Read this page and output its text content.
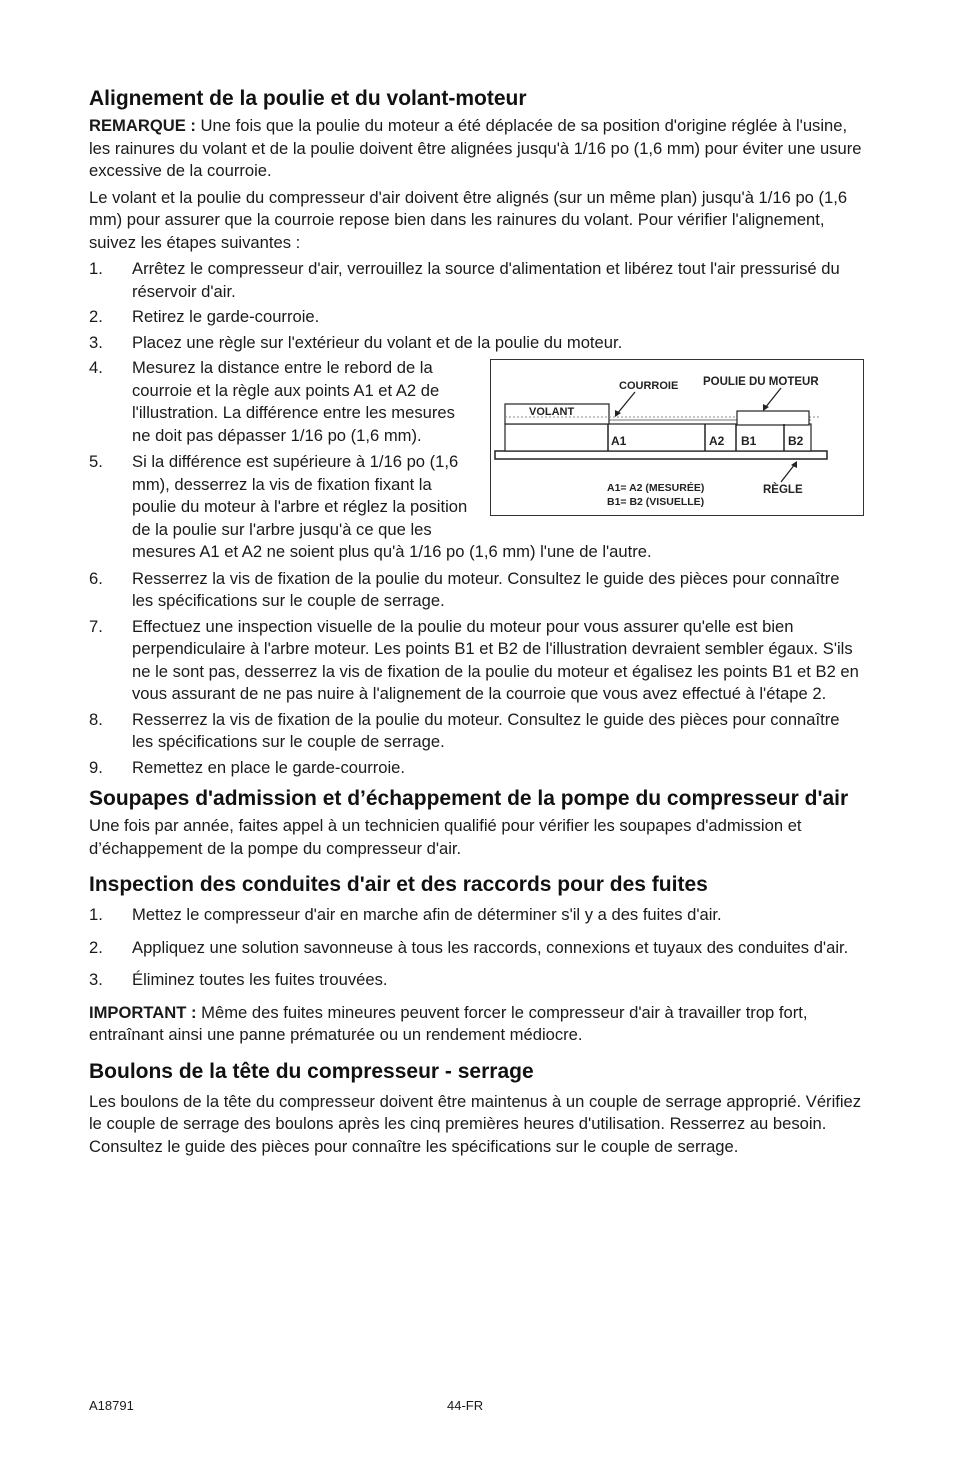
Alignement de la poulie et du volant-moteur

REMARQUE : Une fois que la poulie du moteur a été déplacée de sa position d'origine réglée à l'usine, les rainures du volant et de la poulie doivent être alignées jusqu'à 1/16 po (1,6 mm) pour éviter une usure excessive de la courroie.

Le volant et la poulie du compresseur d'air doivent être alignés (sur un même plan) jusqu'à 1/16 po (1,6 mm) pour assurer que la courroie repose bien dans les rainures du volant. Pour vérifier l'alignement, suivez les étapes suivantes :

1. Arrêtez le compresseur d'air, verrouillez la source d'alimentation et libérez tout l'air pressurisé du réservoir d'air.
2. Retirez le garde-courroie.
3. Placez une règle sur l'extérieur du volant et de la poulie du moteur.
COURROIE POULIE DU MOTEUR
VOLANT
A1	A2 B1	B2
A1= A2 (MESURÉE)
B1= B2 (VISUELLE)
RÈGLE
4. Mesurez la distance entre le rebord de la courroie et la règle aux points A1 et A2 de l'illustration. La différence entre les mesures ne doit pas dépasser 1/16 po (1,6 mm).
5. Si la différence est supérieure à 1/16 po (1,6 mm), desserrez la vis de fixation fixant la poulie du moteur à l'arbre et réglez la position de la poulie sur l'arbre jusqu'à ce que les mesures A1 et A2 ne soient plus qu'à 1/16 po (1,6 mm) l'une de l'autre.
6. Resserrez la vis de fixation de la poulie du moteur. Consultez le guide des pièces pour connaître les spécifications sur le couple de serrage.
7. Effectuez une inspection visuelle de la poulie du moteur pour vous assurer qu'elle est bien perpendiculaire à l'arbre moteur. Les points B1 et B2 de l'illustration devraient sembler égaux. S'ils ne le sont pas, desserrez la vis de fixation de la poulie du moteur et égalisez les points B1 et B2 en vous assurant de ne pas nuire à l'alignement de la courroie que vous avez effectué à l'étape 2.
8. Resserrez la vis de fixation de la poulie du moteur. Consultez le guide des pièces pour connaître les spécifications sur le couple de serrage.
9. Remettez en place le garde-courroie.
Soupapes d'admission et d’échappement de la pompe du compresseur d'air

Une fois par année, faites appel à un technicien qualifié pour vérifier les soupapes d'admission et d’échappement de la pompe du compresseur d'air.

Inspection des conduites d'air et des raccords pour des fuites
1. Mettez le compresseur d'air en marche afin de déterminer s'il y a des fuites d'air.
2. Appliquez une solution savonneuse à tous les raccords, connexions et tuyaux des conduites d'air.
3. Éliminez toutes les fuites trouvées.

IMPORTANT : Même des fuites mineures peuvent forcer le compresseur d'air à travailler trop fort, entraînant ainsi une panne prématurée ou un rendement médiocre.

Boulons de la tête du compresseur - serrage

Les boulons de la tête du compresseur doivent être maintenus à un couple de serrage approprié. Vérifiez le couple de serrage des boulons après les cinq premières heures d'utilisation. Resserrez au besoin. Consultez le guide des pièces pour connaître les spécifications sur le couple de serrage.

A18791	44-FR
